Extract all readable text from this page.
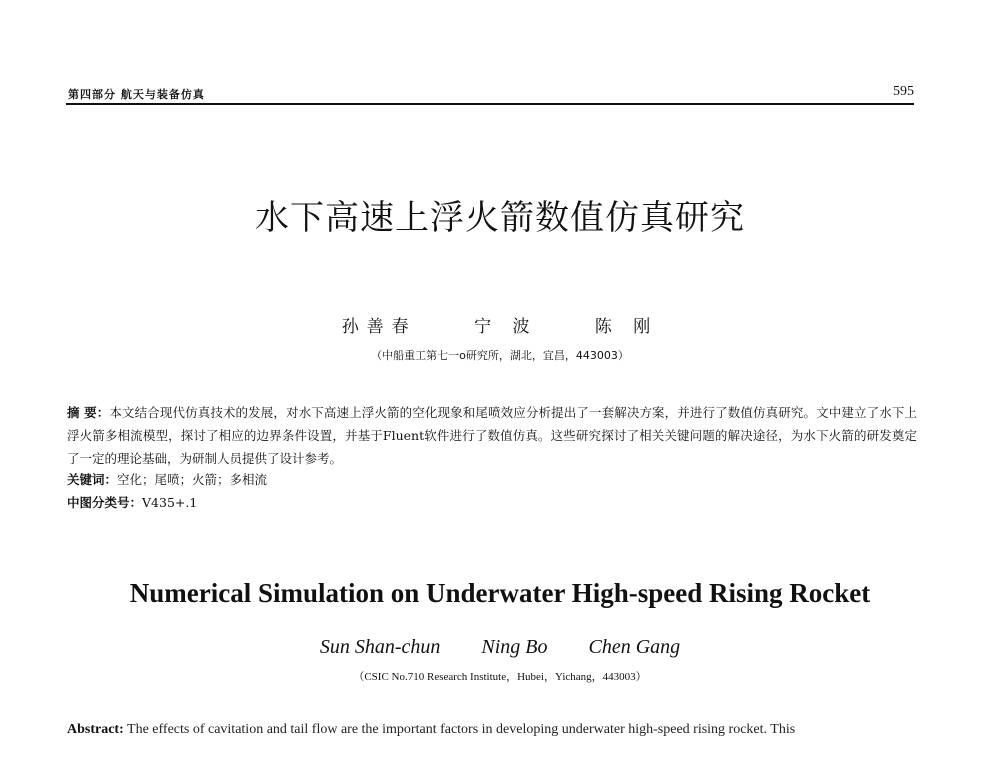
第四部分 航天与装备仿真	595
水下高速上浮火箭数值仿真研究
孙善春	宁 波	陈 刚
（中船重工第七一o研究所，湖北，宜昌，443003）
摘 要：本文结合现代仿真技术的发展，对水下高速上浮火箭的空化现象和尾喷效应分析提出了一套解决方案，并进行了数值仿真研究。文中建立了水下上浮火箭多相流模型，探讨了相应的边界条件设置，并基于Fluent软件进行了数值仿真。这些研究探讨了相关关键问题的解决途径，为水下火箭的研发奠定了一定的理论基础，为研制人员提供了设计参考。
关键词：空化；尾喷；火箭；多相流
中图分类号：V435+.1
Numerical Simulation on Underwater High-speed Rising Rocket
Sun Shan-chun Ning Bo Chen Gang
（CSIC No.710 Research Institute，Hubei，Yichang，443003）
Abstract: The effects of cavitation and tail flow are the important factors in developing underwater high-speed rising rocket. This
